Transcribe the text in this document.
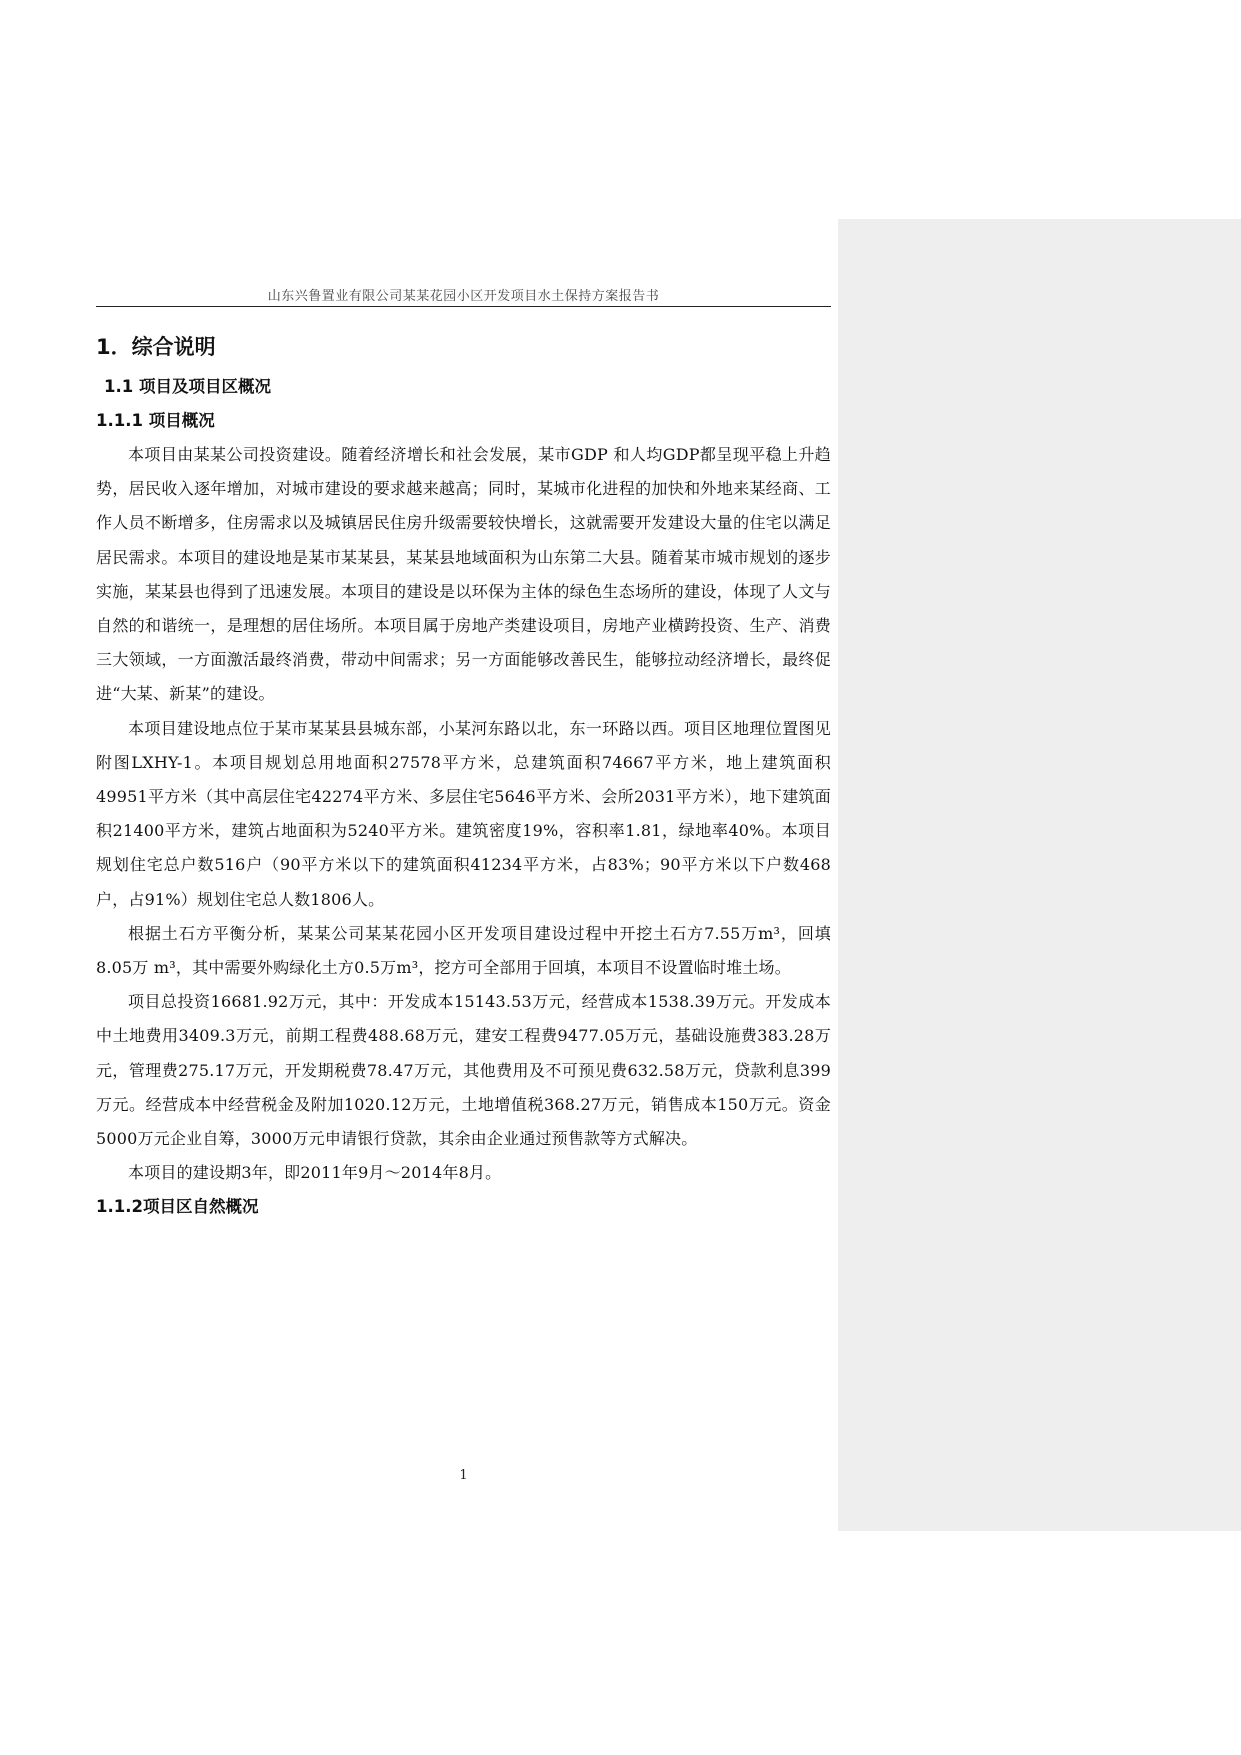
山东兴鲁置业有限公司某某花园小区开发项目水土保持方案报告书
1．综合说明
1.1 项目及项目区概况
1.1.1 项目概况

本项目由某某公司投资建设。随着经济增长和社会发展，某市GDP 和人均GDP都呈现平稳上升趋势，居民收入逐年增加，对城市建设的要求越来越高；同时，某城市化进程的加快和外地来某经商、工作人员不断增多，住房需求以及城镇居民住房升级需要较快增长，这就需要开发建设大量的住宅以满足居民需求。本项目的建设地是某市某某县，某某县地域面积为山东第二大县。随着某市城市规划的逐步实施，某某县也得到了迅速发展。本项目的建设是以环保为主体的绿色生态场所的建设，体现了人文与自然的和谐统一，是理想的居住场所。本项目属于房地产类建设项目，房地产业横跨投资、生产、消费三大领域，一方面激活最终消费，带动中间需求；另一方面能够改善民生，能够拉动经济增长，最终促进“大某、新某”的建设。

本项目建设地点位于某市某某县县城东部，小某河东路以北，东一环路以西。项目区地理位置图见附图LXHY-1。本项目规划总用地面积27578平方米，总建筑面积74667平方米，地上建筑面积49951平方米（其中高层住宅42274平方米、多层住宅5646平方米、会所2031平方米），地下建筑面积21400平方米，建筑占地面积为5240平方米。建筑密度19%，容积率1.81，绿地率40%。本项目规划住宅总户数516户（90平方米以下的建筑面积41234平方米，占83%；90平方米以下户数468户，占91%）规划住宅总人数1806人。

根据土石方平衡分析，某某公司某某花园小区开发项目建设过程中开挖土石方7.55万m³，回填8.05万 m³，其中需要外购绿化土方0.5万m³，挖方可全部用于回填，本项目不设置临时堆土场。

项目总投资16681.92万元，其中：开发成本15143.53万元，经营成本1538.39万元。开发成本中土地费用3409.3万元，前期工程费488.68万元，建安工程费9477.05万元，基础设施费383.28万元，管理费275.17万元，开发期税费78.47万元，其他费用及不可预见费632.58万元，贷款利息399万元。经营成本中经营税金及附加1020.12万元，土地增值税368.27万元，销售成本150万元。资金5000万元企业自筹，3000万元申请银行贷款，其余由企业通过预售款等方式解决。

本项目的建设期3年，即2011年9月～2014年8月。

1.1.2项目区自然概况
1
